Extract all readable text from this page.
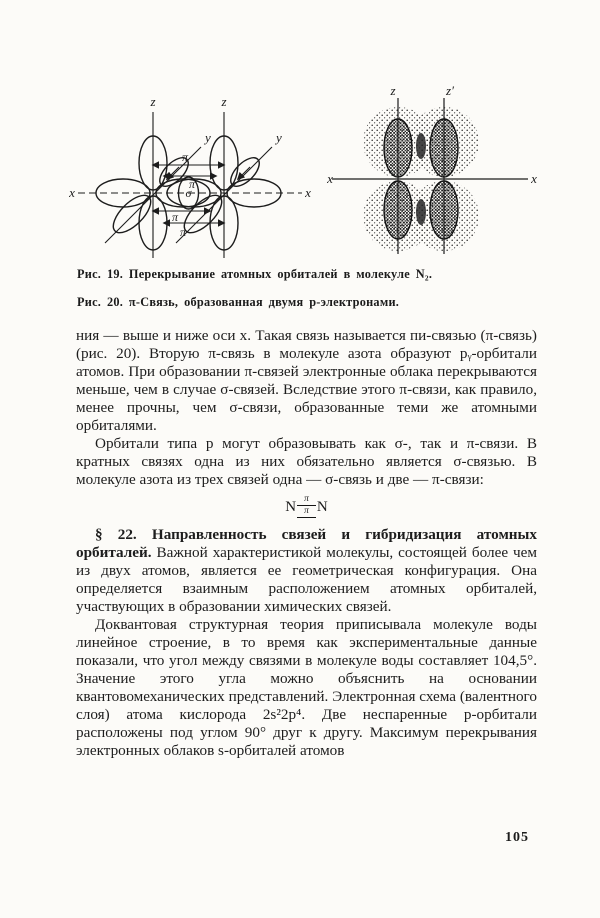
z	z
y	y
x	x
π
π
π
π
σ
z	z′
x	x
Рис. 19. Перекрывание атомных орбиталей в молекуле N₂.
Рис. 20. π-Связь, образованная двумя p-электронами.

ния — выше и ниже оси x. Такая связь называется пи-связью (π-связь) (рис. 20). Вторую π-связь в молекуле азота образуют pᵧ-орбитали атомов. При образовании π-связей электронные облака перекрываются меньше, чем в случае σ-связей. Вследствие этого π-связи, как правило, менее прочны, чем σ-связи, образованные теми же атомными орбиталями.

Орбитали типа p могут образовывать как σ-, так и π-связи. В кратных связях одна из них обязательно является σ-связью. В молекуле азота из трех связей одна — σ-связь и две — π-связи:

N π
π N

§ 22. Направленность связей и гибридизация атомных орбиталей. Важной характеристикой молекулы, состоящей более чем из двух атомов, является ее геометрическая конфигурация. Она определяется взаимным расположением атомных орбиталей, участвующих в образовании химических связей.

Доквантовая структурная теория приписывала молекуле воды линейное строение, в то время как экспериментальные данные показали, что угол между связями в молекуле воды составляет 104,5°. Значение этого угла можно объяснить на основании квантовомеханических представлений. Электронная схема (валентного слоя) атома кислорода 2s²2p⁴. Две неспаренные p-орбитали расположены под углом 90° друг к другу. Максимум перекрывания электронных облаков s-орбиталей атомов

105
